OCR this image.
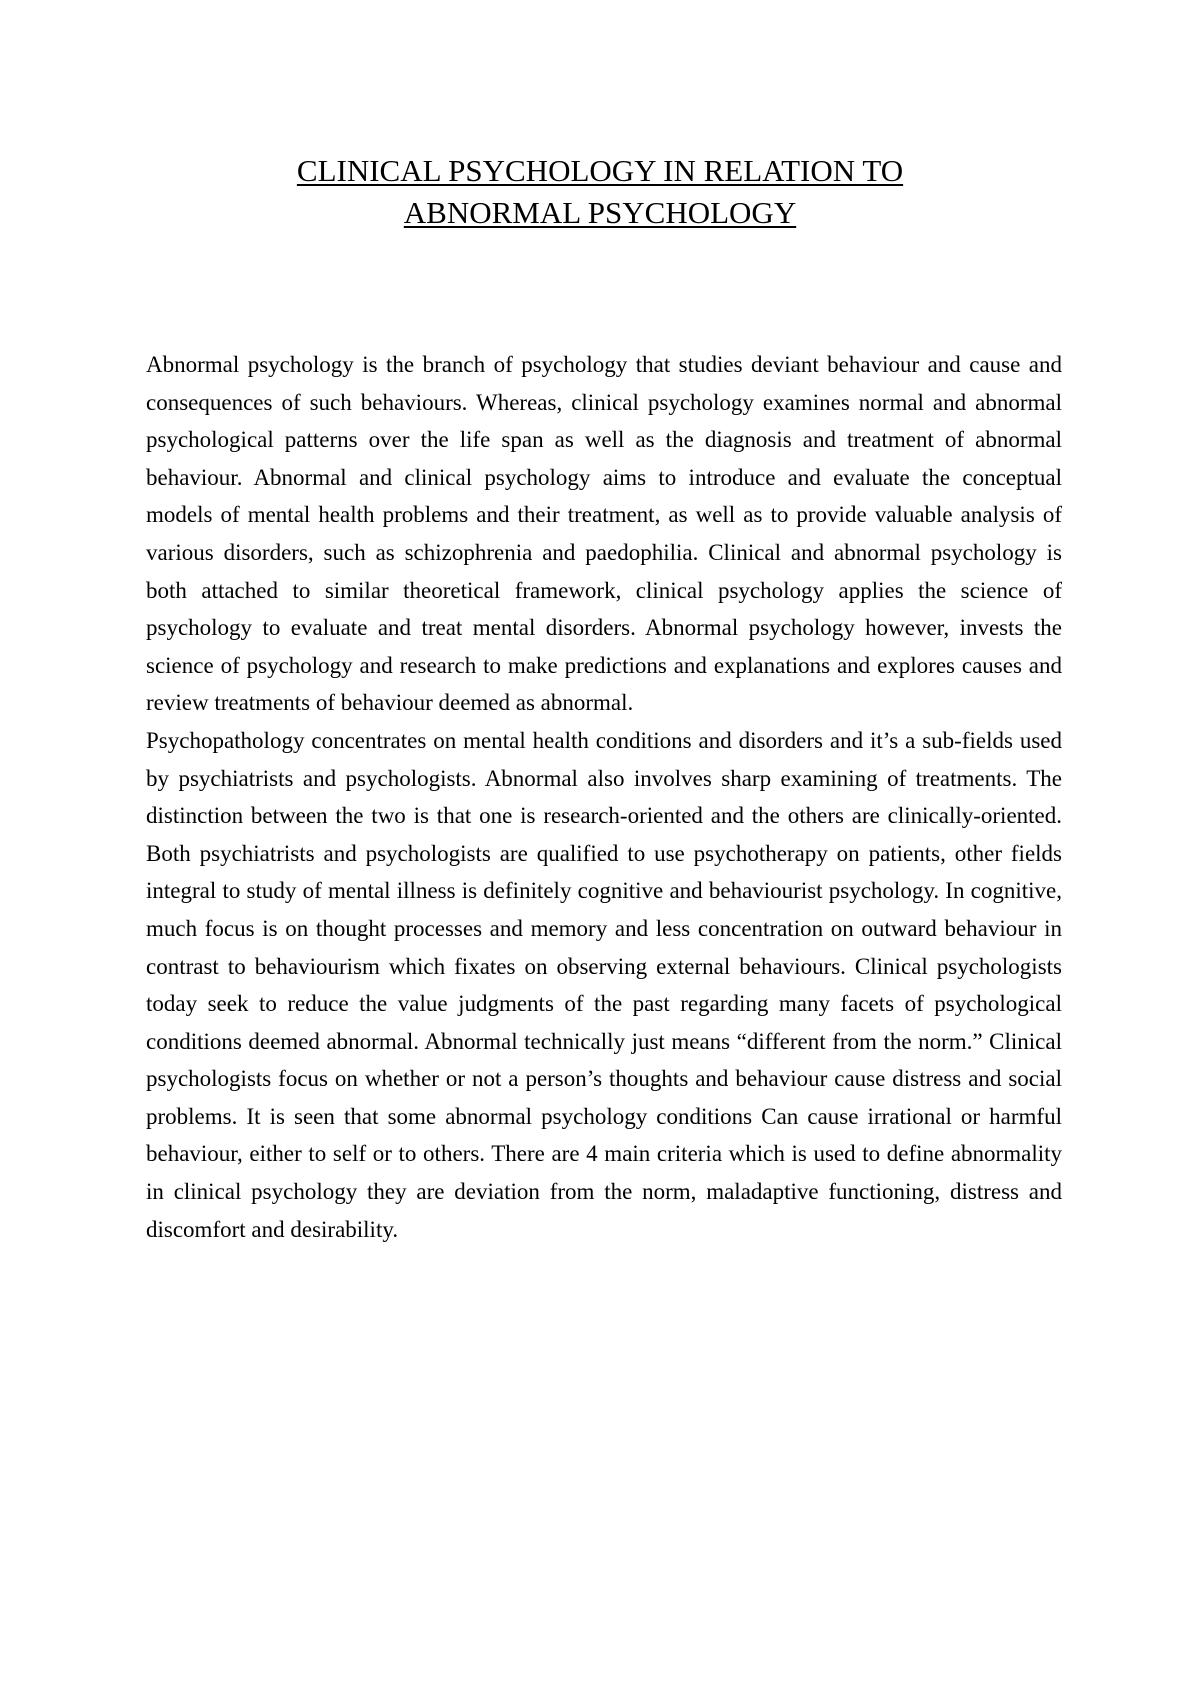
CLINICAL PSYCHOLOGY IN RELATION TO
ABNORMAL PSYCHOLOGY

Abnormal psychology is the branch of psychology that studies deviant behaviour and cause and consequences of such behaviours. Whereas, clinical psychology examines normal and abnormal psychological patterns over the life span as well as the diagnosis and treatment of abnormal behaviour. Abnormal and clinical psychology aims to introduce and evaluate the conceptual models of mental health problems and their treatment, as well as to provide valuable analysis of various disorders, such as schizophrenia and paedophilia. Clinical and abnormal psychology is both attached to similar theoretical framework, clinical psychology applies the science of psychology to evaluate and treat mental disorders. Abnormal psychology however, invests the science of psychology and research to make predictions and explanations and explores causes and review treatments of behaviour deemed as abnormal.

Psychopathology concentrates on mental health conditions and disorders and it’s a sub-fields used by psychiatrists and psychologists. Abnormal also involves sharp examining of treatments. The distinction between the two is that one is research-oriented and the others are clinically-oriented. Both psychiatrists and psychologists are qualified to use psychotherapy on patients, other fields integral to study of mental illness is definitely cognitive and behaviourist psychology. In cognitive, much focus is on thought processes and memory and less concentration on outward behaviour in contrast to behaviourism which fixates on observing external behaviours. Clinical psychologists today seek to reduce the value judgments of the past regarding many facets of psychological conditions deemed abnormal. Abnormal technically just means “different from the norm.” Clinical psychologists focus on whether or not a person’s thoughts and behaviour cause distress and social problems. It is seen that some abnormal psychology conditions Can cause irrational or harmful behaviour, either to self or to others. There are 4 main criteria which is used to define abnormality in clinical psychology they are deviation from the norm, maladaptive functioning, distress and discomfort and desirability.
